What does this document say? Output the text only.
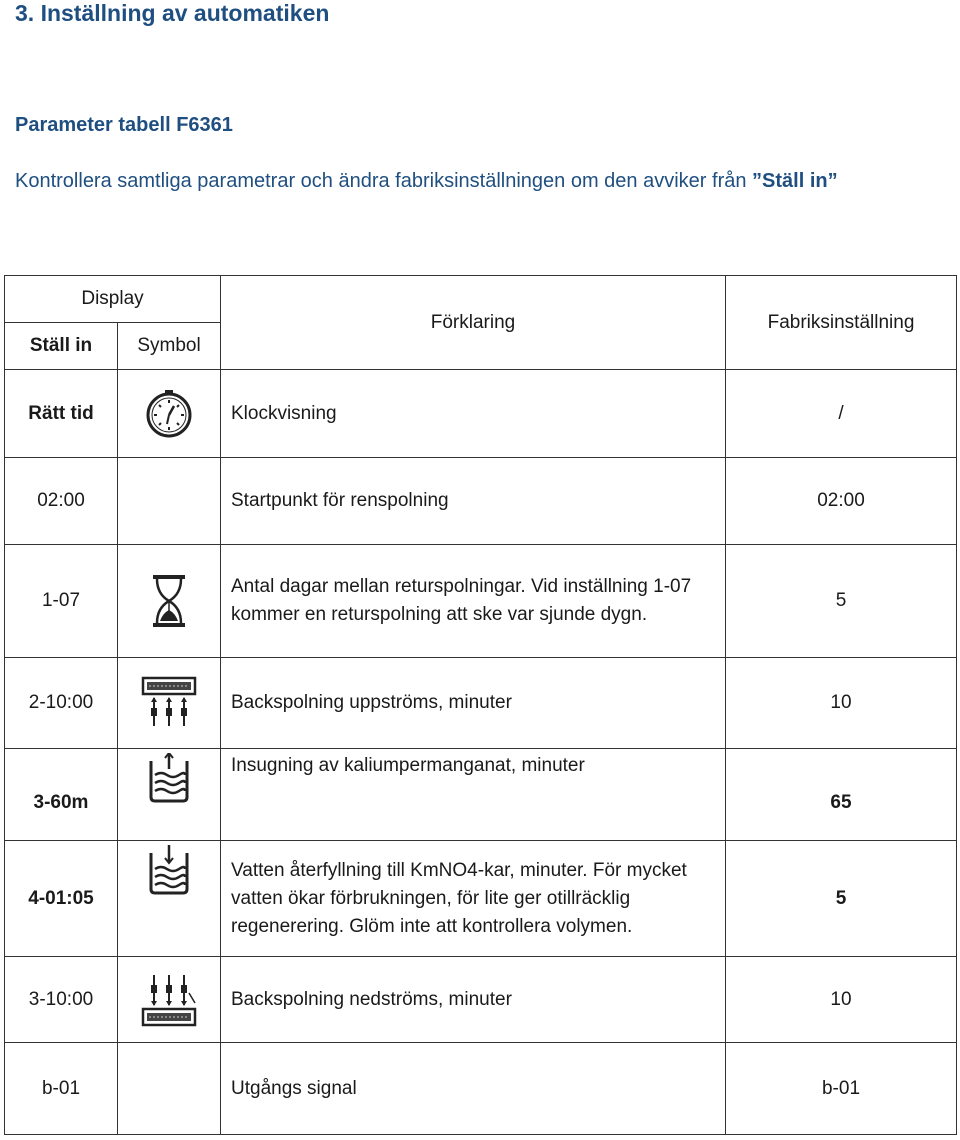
3. Inställning av automatiken
Parameter tabell F6361
Kontrollera samtliga parametrar och ändra fabriksinställningen om den avviker från ”Ställ in”
Display		Förklaring	Fabriksinställning
Ställ in	Symbol		
Rätt tid		Klockvisning	/
02:00		Startpunkt för renspolning	02:00
1-07		Antal dagar mellan returspolningar. Vid inställning 1-07 kommer en returspolning att ske var sjunde dygn.	5
2-10:00		Backspolning uppströms, minuter	10
3-60m		Insugning av kaliumpermanganat, minuter	65
4-01:05		Vatten återfyllning till KmNO4-kar, minuter. För mycket vatten ökar förbrukningen, för lite ger otillräcklig regenerering. Glöm inte att kontrollera volymen.	5
3-10:00		Backspolning nedströms, minuter	10
b-01		Utgångs signal	b-01
